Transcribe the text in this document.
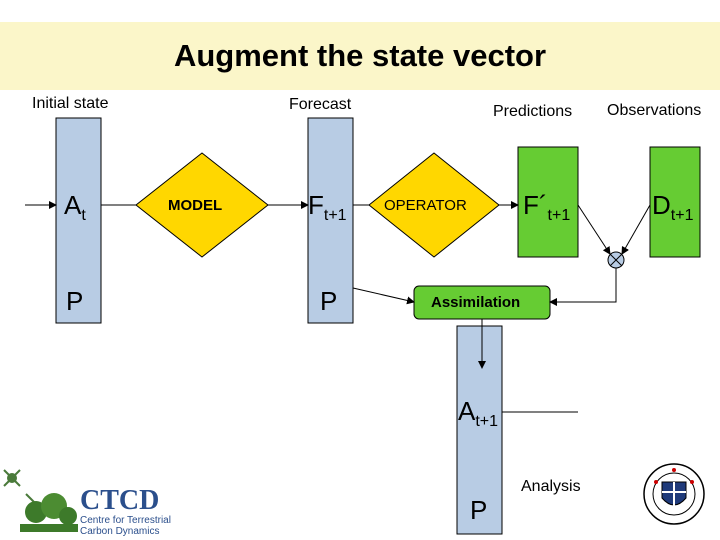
Augment the state vector
Initial state	Forecast	Predictions Observations
Analysis
$A_t$
P
$F_{t+1}$
P
$F´_{t+1}$	$D_{t+1}$
$A_{t+1}$
P
MODEL	OPERATOR
Assimilation
CTCD
Centre for Terrestrial
Carbon Dynamics
